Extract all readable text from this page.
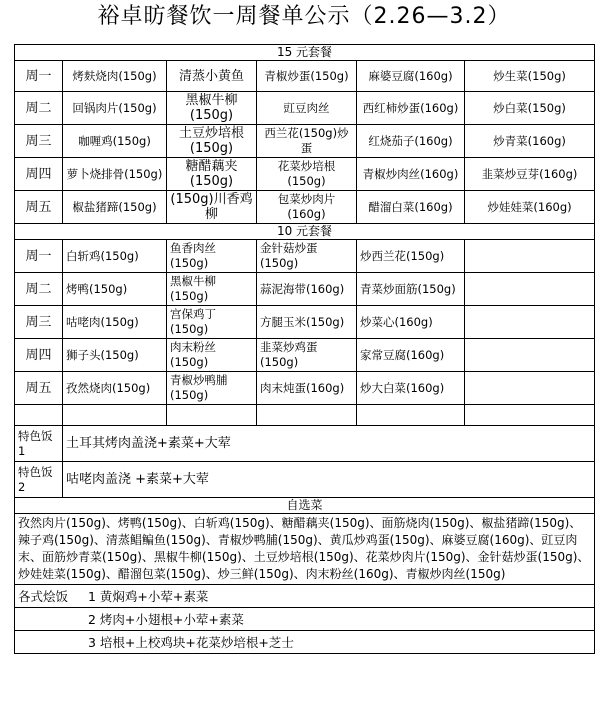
裕卓昉餐饮一周餐单公示（2.26—3.2）
15 元套餐					
周一	烤麸烧肉(150g)	清蒸小黄鱼	青椒炒蛋(150g)	麻婆豆腐(160g)	炒生菜(150g)
周二	回锅肉片(150g)	黑椒牛柳(150g)	豇豆肉丝	西红柿炒蛋(160g)	炒白菜(150g)
周三	咖喱鸡(150g)	土豆炒培根(150g)	西兰花(150g)炒蛋	红烧茄子(160g)	炒青菜(160g)
周四	萝卜烧排骨(150g)	糖醋藕夹(150g)	花菜炒培根(150g)	青椒炒肉丝(160g)	韭菜炒豆芽(160g)
周五	椒盐猪蹄(150g)	(150g)川香鸡柳	包菜炒肉片(160g)	醋溜白菜(160g)	炒娃娃菜(160g)
10 元套餐					
周一	白斩鸡(150g)	鱼香肉丝(150g)	金针菇炒蛋(150g)	炒西兰花(150g)	
周二	烤鸭(150g)	黑椒牛柳(150g)	蒜泥海带(160g)	青菜炒面筋(150g)	
周三	咕咾肉(150g)	宫保鸡丁(150g)	方腿玉米(150g)	炒菜心(160g)	
周四	狮子头(150g)	肉末粉丝(150g)	韭菜炒鸡蛋(150g)	家常豆腐(160g)	
周五	孜然烧肉(150g)	青椒炒鸭脯(150g)	肉末炖蛋(160g)	炒大白菜(160g)	

特色饭 1	土耳其烤肉盖浇+素菜+大荤				
特色饭 2	咕咾肉盖浇 +素菜+大荤				
自选菜					
孜然肉片(150g)、烤鸭(150g)、白斩鸡(150g)、糖醋藕夹(150g)、面筋烧肉(150g)、椒盐猪蹄(150g)、辣子鸡(150g)、清蒸鲳鳊鱼(150g)、青椒炒鸭脯(150g)、黄瓜炒鸡蛋(150g)、麻婆豆腐(160g)、豇豆肉末、面筋炒青菜(150g)、黑椒牛柳(150g)、土豆炒培根(150g)、花菜炒肉片(150g)、金针菇炒蛋(150g)、炒娃娃菜(150g)、醋溜包菜(150g)、炒三鲜(150g)、肉末粉丝(160g)、青椒炒肉丝(150g)					
各式烩饭 1 黄焖鸡+小荤+素菜					
2 烤肉+小翅根+小荤+素菜					
3 培根+上校鸡块+花菜炒培根+芝士					
